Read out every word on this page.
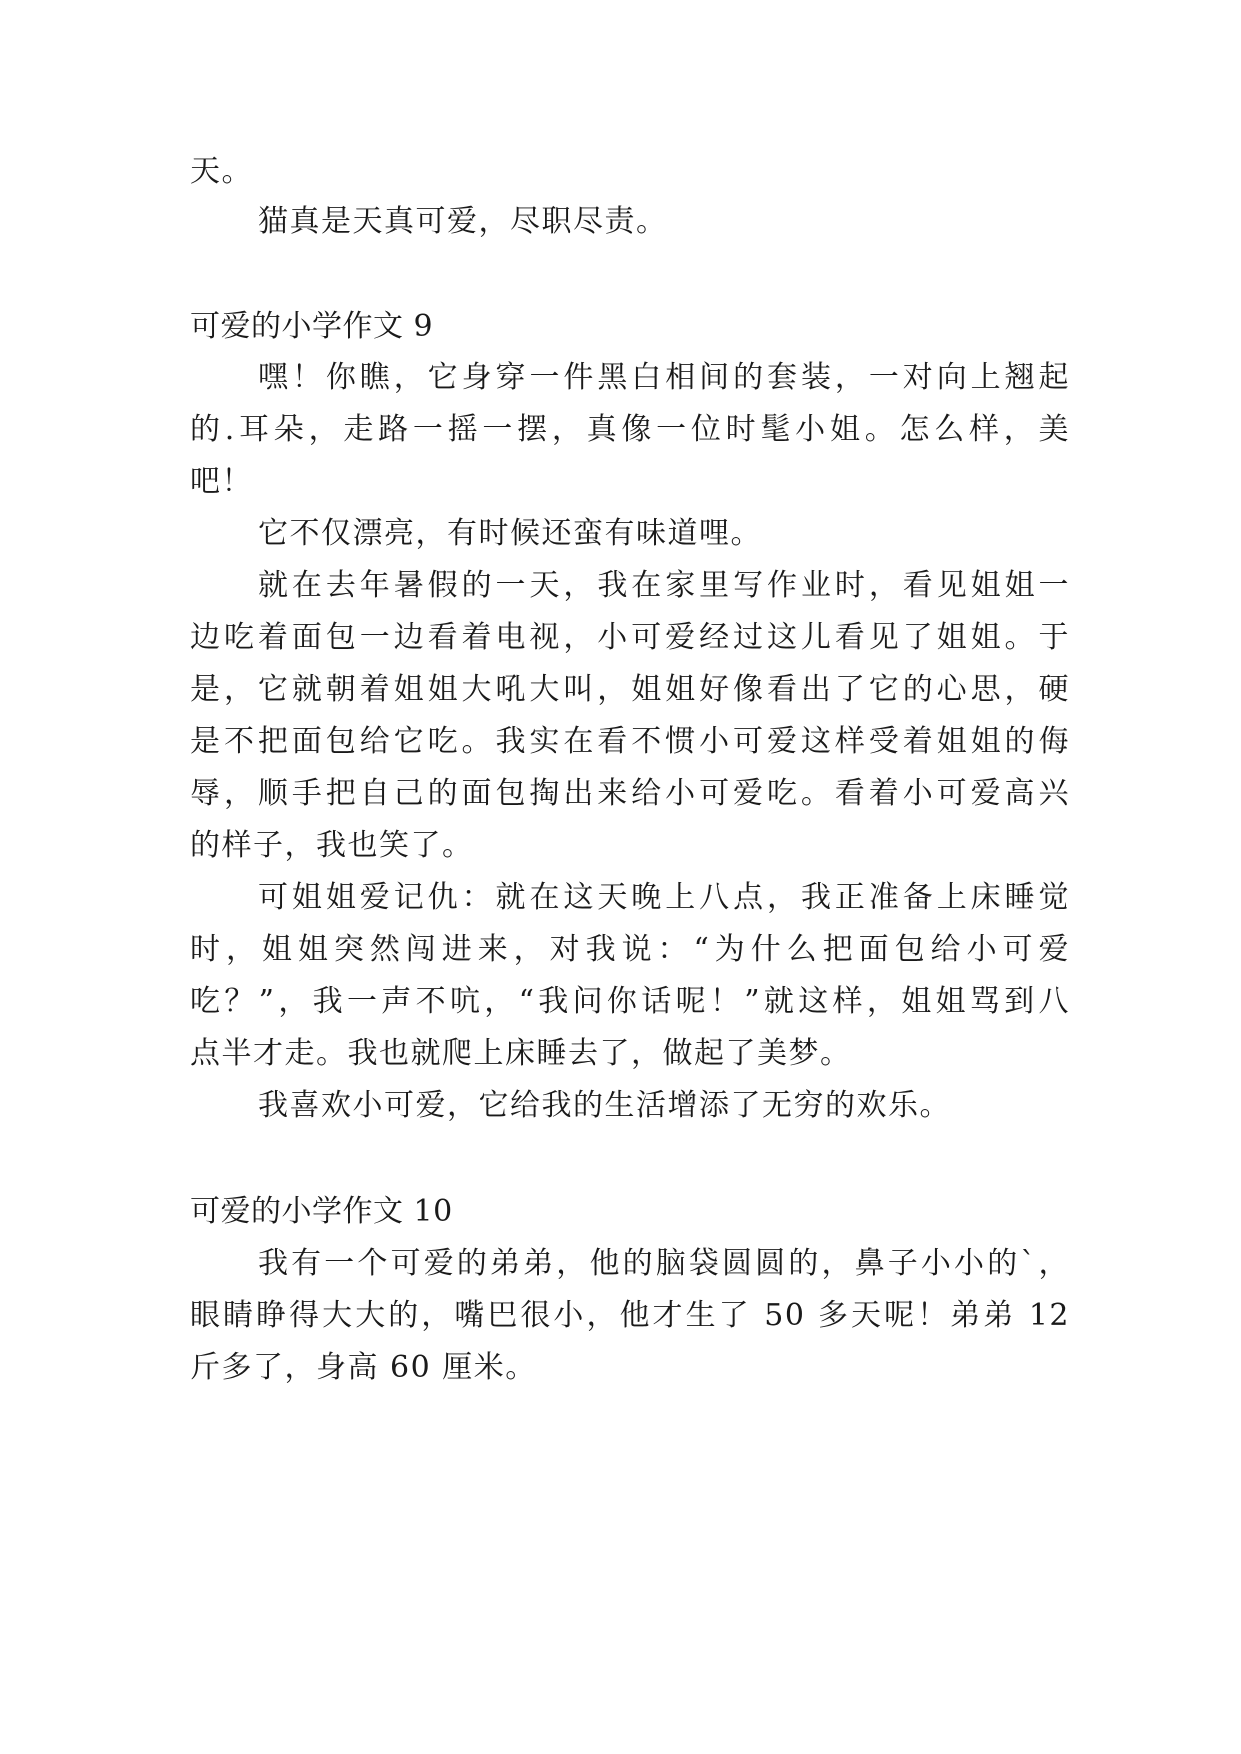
天。
猫真是天真可爱，尽职尽责。
可爱的小学作文 9
嘿！你瞧，它身穿一件黑白相间的套装，一对向上翘起
的.耳朵，走路一摇一摆，真像一位时髦小姐。怎么样，美
吧！
它不仅漂亮，有时候还蛮有味道哩。
就在去年暑假的一天，我在家里写作业时，看见姐姐一
边吃着面包一边看着电视，小可爱经过这儿看见了姐姐。于
是，它就朝着姐姐大吼大叫，姐姐好像看出了它的心思，硬
是不把面包给它吃。我实在看不惯小可爱这样受着姐姐的侮
辱，顺手把自己的面包掏出来给小可爱吃。看着小可爱高兴
的样子，我也笑了。
可姐姐爱记仇：就在这天晚上八点，我正准备上床睡觉
时，姐姐突然闯进来，对我说：“为什么把面包给小可爱
吃？”，我一声不吭，“我问你话呢！”就这样，姐姐骂到八
点半才走。我也就爬上床睡去了，做起了美梦。
我喜欢小可爱，它给我的生活增添了无穷的欢乐。
可爱的小学作文 10
我有一个可爱的弟弟，他的脑袋圆圆的，鼻子小小的`，
眼睛睁得大大的，嘴巴很小，他才生了 50 多天呢！弟弟 12
斤多了，身高 60 厘米。
